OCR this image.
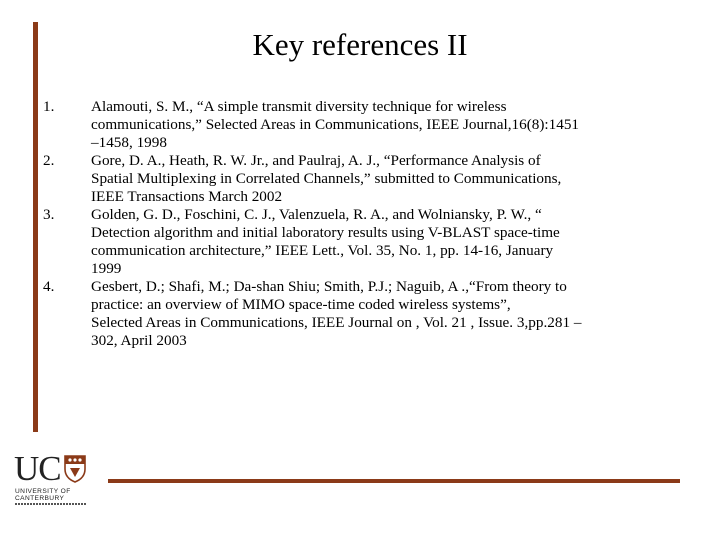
Key references II
1.	Alamouti, S. M., “A simple transmit diversity technique for wireless
communications,” Selected Areas in Communications, IEEE Journal,16(8):1451
–1458, 1998
2.	Gore, D. A., Heath, R. W. Jr., and Paulraj, A. J., “Performance Analysis of
Spatial Multiplexing in Correlated Channels,” submitted to Communications,
IEEE Transactions March 2002
3.	Golden, G. D., Foschini, C. J., Valenzuela, R. A., and Wolniansky, P. W., “
Detection algorithm and initial laboratory results using V-BLAST space-time
communication architecture,” IEEE Lett., Vol. 35, No. 1, pp. 14-16, January
1999
4.	Gesbert, D.; Shafi, M.; Da-shan Shiu; Smith, P.J.; Naguib, A .,“From theory to
practice: an overview of MIMO space-time coded wireless systems”,
Selected Areas in Communications, IEEE Journal on , Vol. 21 , Issue. 3,pp.281 –
302, April 2003
UC
UNIVERSITY OF
CANTERBURY
